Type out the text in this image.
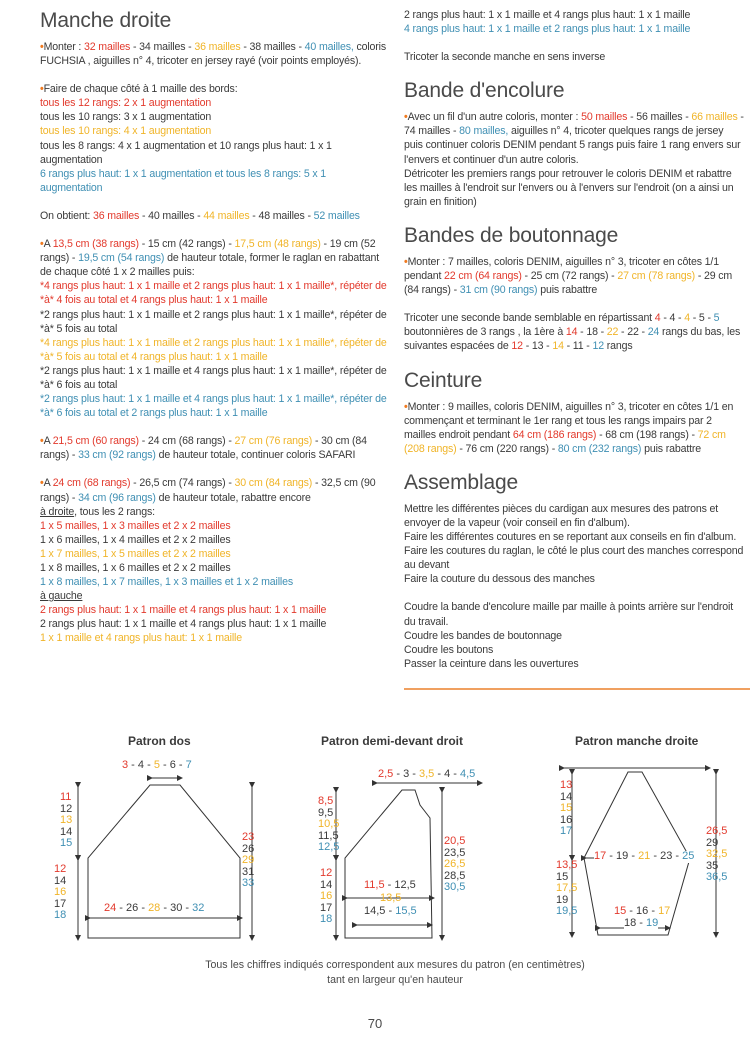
Manche droite

•Monter : 32 mailles - 34 mailles - 36 mailles - 38 mailles - 40 mailles, coloris FUCHSIA , aiguilles n° 4, tricoter en jersey rayé (voir points employés).

•Faire de chaque côté à 1 maille des bords:

tous les 12 rangs: 2 x 1 augmentation

tous les 10 rangs: 3 x 1 augmentation

tous les 10 rangs: 4 x 1 augmentation

tous les 8 rangs: 4 x 1 augmentation et 10 rangs plus haut: 1 x 1 augmentation

6 rangs plus haut: 1 x 1 augmentation et tous les 8 rangs: 5 x 1 augmentation

On obtient: 36 mailles - 40 mailles - 44 mailles - 48 mailles - 52 mailles

•A 13,5 cm (38 rangs) - 15 cm (42 rangs) - 17,5 cm (48 rangs) - 19 cm (52 rangs) - 19,5 cm (54 rangs) de hauteur totale, former le raglan en rabattant de chaque côté 1 x 2 mailles puis:

*4 rangs plus haut: 1 x 1 maille et 2 rangs plus haut: 1 x 1 maille*, répéter de *à* 4 fois au total et 4 rangs plus haut: 1 x 1 maille

*2 rangs plus haut: 1 x 1 maille et 2 rangs plus haut: 1 x 1 maille*, répéter de *à* 5 fois au total

*4 rangs plus haut: 1 x 1 maille et 2 rangs plus haut: 1 x 1 maille*, répéter de *à* 5 fois au total et 4 rangs plus haut: 1 x 1 maille

*2 rangs plus haut: 1 x 1 maille et 4 rangs plus haut: 1 x 1 maille*, répéter de *à* 6 fois au total

*2 rangs plus haut: 1 x 1 maille et 4 rangs plus haut: 1 x 1 maille*, répéter de *à* 6 fois au total et 2 rangs plus haut: 1 x 1 maille

•A 21,5 cm (60 rangs) - 24 cm (68 rangs) - 27 cm (76 rangs) - 30 cm (84 rangs) - 33 cm (92 rangs) de hauteur totale, continuer coloris SAFARI

•A 24 cm (68 rangs) - 26,5 cm (74 rangs) - 30 cm (84 rangs) - 32,5 cm (90 rangs) - 34 cm (96 rangs) de hauteur totale, rabattre encore

à droite, tous les 2 rangs:

1 x 5 mailles, 1 x 3 mailles et 2 x 2 mailles

1 x 6 mailles, 1 x 4 mailles et 2 x 2 mailles

1 x 7 mailles, 1 x 5 mailles et 2 x 2 mailles

1 x 8 mailles, 1 x 6 mailles et 2 x 2 mailles

1 x 8 mailles, 1 x 7 mailles, 1 x 3 mailles et 1 x 2 mailles

à gauche

2 rangs plus haut: 1 x 1 maille et 4 rangs plus haut: 1 x 1 maille

2 rangs plus haut: 1 x 1 maille et 4 rangs plus haut: 1 x 1 maille

1 x 1 maille et 4 rangs plus haut: 1 x 1 maille

2 rangs plus haut: 1 x 1 maille et 4 rangs plus haut: 1 x 1 maille

4 rangs plus haut: 1 x 1 maille et 2 rangs plus haut: 1 x 1 maille

Tricoter la seconde manche en sens inverse

Bande d'encolure

•Avec un fil d'un autre coloris, monter : 50 mailles - 56 mailles - 66 mailles - 74 mailles - 80 mailles, aiguilles n° 4, tricoter quelques rangs de jersey puis continuer coloris DENIM pendant 5 rangs puis faire 1 rang envers sur l'envers et continuer d'un autre coloris.

Détricoter les premiers rangs pour retrouver le coloris DENIM et rabattre les mailles à l'endroit sur l'envers ou à l'envers sur l'endroit (on a ainsi un grain en finition)

Bandes de boutonnage

•Monter : 7 mailles, coloris DENIM, aiguilles n° 3, tricoter en côtes 1/1 pendant 22 cm (64 rangs) - 25 cm (72 rangs) - 27 cm (78 rangs) - 29 cm (84 rangs) - 31 cm (90 rangs) puis rabattre

Tricoter une seconde bande semblable en répartissant 4 - 4 - 4 - 5 - 5 boutonnières de 3 rangs , la 1ère à 14 - 18 - 22 - 22 - 24 rangs du bas, les suivantes espacées de 12 - 13 - 14 - 11 - 12 rangs

Ceinture

•Monter : 9 mailles, coloris DENIM, aiguilles n° 3, tricoter en côtes 1/1 en commençant et terminant le 1er rang et tous les rangs impairs par 2 mailles endroit pendant 64 cm (186 rangs) - 68 cm (198 rangs) - 72 cm (208 rangs) - 76 cm (220 rangs) - 80 cm (232 rangs) puis rabattre

Assemblage

Mettre les différentes pièces du cardigan aux mesures des patrons et envoyer de la vapeur (voir conseil en fin d'album).

Faire les différentes coutures en se reportant aux conseils en fin d'album.

Faire les coutures du raglan, le côté le plus court des manches correspond au devant

Faire la couture du dessous des manches

Coudre la bande d'encolure maille par maille à points arrière sur l'endroit du travail.

Coudre les bandes de boutonnage

Coudre les boutons

Passer la ceinture dans les ouvertures

Patron dos	Patron demi-devant droit	Patron manche droite
3 - 4 - 5 - 6 - 7
11
12
13
14
15
12
14
16
17
18
23
26
29
31
33
24 - 26 - 28 - 30 - 32
2,5 - 3 - 3,5 - 4 - 4,5
8,5
9,5
10,5
11,5
12,5
12
14
16
17
18
20,5
23,5
26,5
28,5
30,5
11,5 - 12,5
13,5
14,5 - 15,5
13
14
15
16
17
13,5
15
17,5
19
19,5
26,5
29
32,5
35
36,5
17 - 19 - 21 - 23 - 25
15 - 16 - 17
18 - 19
Tous les chiffres indiqués correspondent aux mesures du patron (en centimètres) tant en largeur qu'en hauteur
70
